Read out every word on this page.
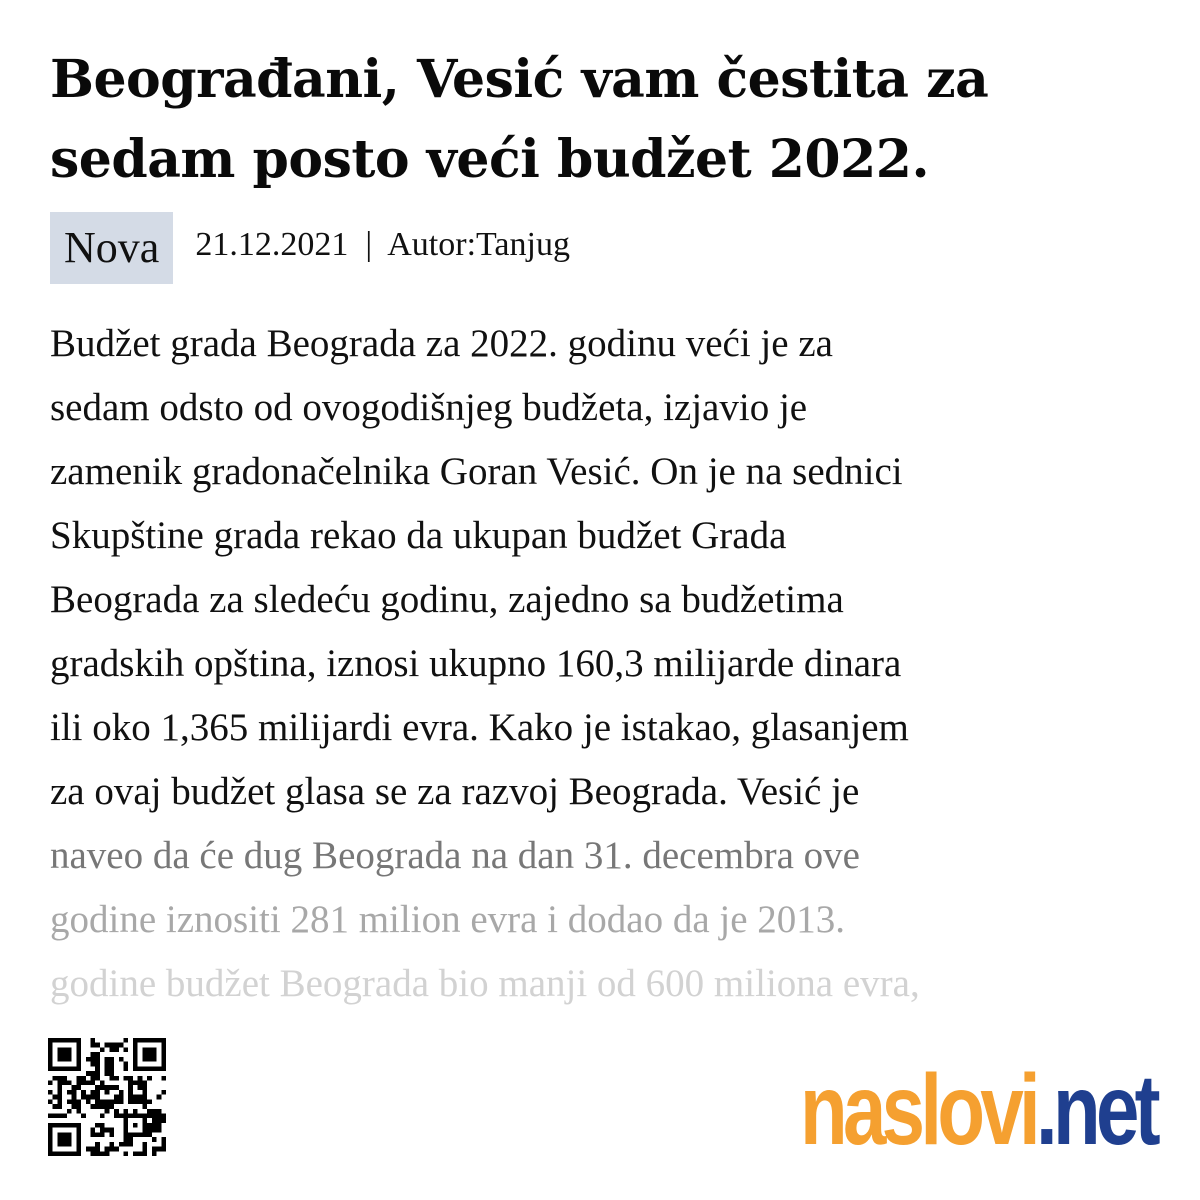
Beograđani, Vesić vam čestita za
sedam posto veći budžet 2022.
Nova	21.12.2021 | Autor:Tanjug
Budžet grada Beograda za 2022. godinu veći je za
sedam odsto od ovogodišnjeg budžeta, izjavio je
zamenik gradonačelnika Goran Vesić. On je na sednici
Skupštine grada rekao da ukupan budžet Grada
Beograda za sledeću godinu, zajedno sa budžetima
gradskih opština, iznosi ukupno 160,3 milijarde dinara
ili oko 1,365 milijardi evra. Kako je istakao, glasanjem
za ovaj budžet glasa se za razvoj Beograda. Vesić je
naveo da će dug Beograda na dan 31. decembra ove
godine iznositi 281 milion evra i dodao da je 2013.
godine budžet Beograda bio manji od 600 miliona evra,
naslovi.net
